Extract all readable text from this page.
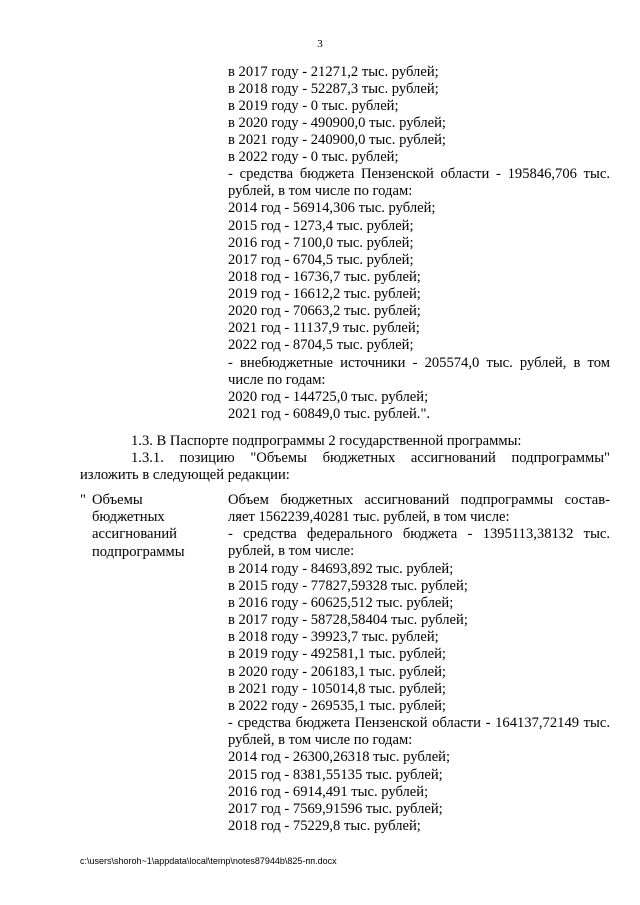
3
в 2017 году - 21271,2 тыс. рублей;
в 2018 году - 52287,3 тыс. рублей;
в 2019 году - 0 тыс. рублей;
в 2020 году - 490900,0 тыс. рублей;
в 2021 году - 240900,0 тыс. рублей;
в 2022 году - 0 тыс. рублей;
- средства бюджета Пензенской области - 195846,706 тыс.
рублей, в том числе по годам:
2014 год - 56914,306 тыс. рублей;
2015 год - 1273,4 тыс. рублей;
2016 год - 7100,0 тыс. рублей;
2017 год - 6704,5 тыс. рублей;
2018 год - 16736,7 тыс. рублей;
2019 год - 16612,2 тыс. рублей;
2020 год - 70663,2 тыс. рублей;
2021 год - 11137,9 тыс. рублей;
2022 год - 8704,5 тыс. рублей;
- внебюджетные источники - 205574,0 тыс. рублей, в том
числе по годам:
2020 год - 144725,0 тыс. рублей;
2021 год - 60849,0 тыс. рублей.".
1.3. В Паспорте подпрограммы 2 государственной программы:
1.3.1. позицию "Объемы бюджетных ассигнований подпрограммы"
изложить в следующей редакции:
" Объемы
бюджетных
ассигнований
подпрограммы
Объем бюджетных ассигнований подпрограммы состав-
ляет 1562239,40281 тыс. рублей, в том числе:
- средства федерального бюджета - 1395113,38132 тыс.
рублей, в том числе:
в 2014 году - 84693,892 тыс. рублей;
в 2015 году - 77827,59328 тыс. рублей;
в 2016 году - 60625,512 тыс. рублей;
в 2017 году - 58728,58404 тыс. рублей;
в 2018 году - 39923,7 тыс. рублей;
в 2019 году - 492581,1 тыс. рублей;
в 2020 году - 206183,1 тыс. рублей;
в 2021 году - 105014,8 тыс. рублей;
в 2022 году - 269535,1 тыс. рублей;
- средства бюджета Пензенской области - 164137,72149 тыс.
рублей, в том числе по годам:
2014 год - 26300,26318 тыс. рублей;
2015 год - 8381,55135 тыс. рублей;
2016 год - 6914,491 тыс. рублей;
2017 год - 7569,91596 тыс. рублей;
2018 год - 75229,8 тыс. рублей;
c:\users\shoroh~1\appdata\local\temp\notes87944b\825-пп.docx
